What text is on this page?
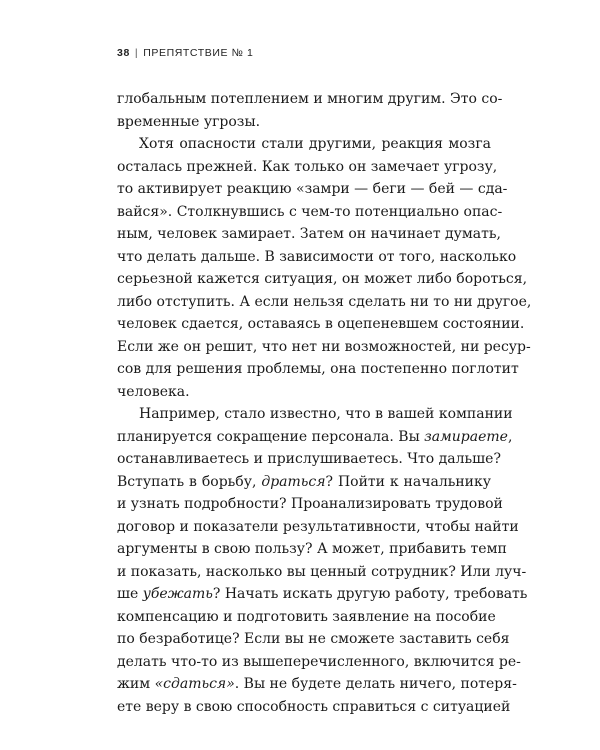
38 | ПРЕПЯТСТВИЕ № 1
глобальным потеплением и многим другим. Это со-
временные угрозы.
Хотя опасности стали другими, реакция мозга
осталась прежней. Как только он замечает угрозу,
то активирует реакцию «замри — беги — бей — сда-
вайся». Столкнувшись с чем-то потенциально опас-
ным, человек замирает. Затем он начинает думать,
что делать дальше. В зависимости от того, насколько
серьезной кажется ситуация, он может либо бороться,
либо отступить. А если нельзя сделать ни то ни другое,
человек сдается, оставаясь в оцепеневшем состоянии.
Если же он решит, что нет ни возможностей, ни ресур-
сов для решения проблемы, она постепенно поглотит
человека.
Например, стало известно, что в вашей компании
планируется сокращение персонала. Вы замираете,
останавливаетесь и прислушиваетесь. Что дальше?
Вступать в борьбу, драться? Пойти к начальнику
и узнать подробности? Проанализировать трудовой
договор и показатели результативности, чтобы найти
аргументы в свою пользу? А может, прибавить темп
и показать, насколько вы ценный сотрудник? Или луч-
ше убежать? Начать искать другую работу, требовать
компенсацию и подготовить заявление на пособие
по безработице? Если вы не сможете заставить себя
делать что-то из вышеперечисленного, включится ре-
жим «сдаться». Вы не будете делать ничего, потеря-
ете веру в свою способность справиться с ситуацией
